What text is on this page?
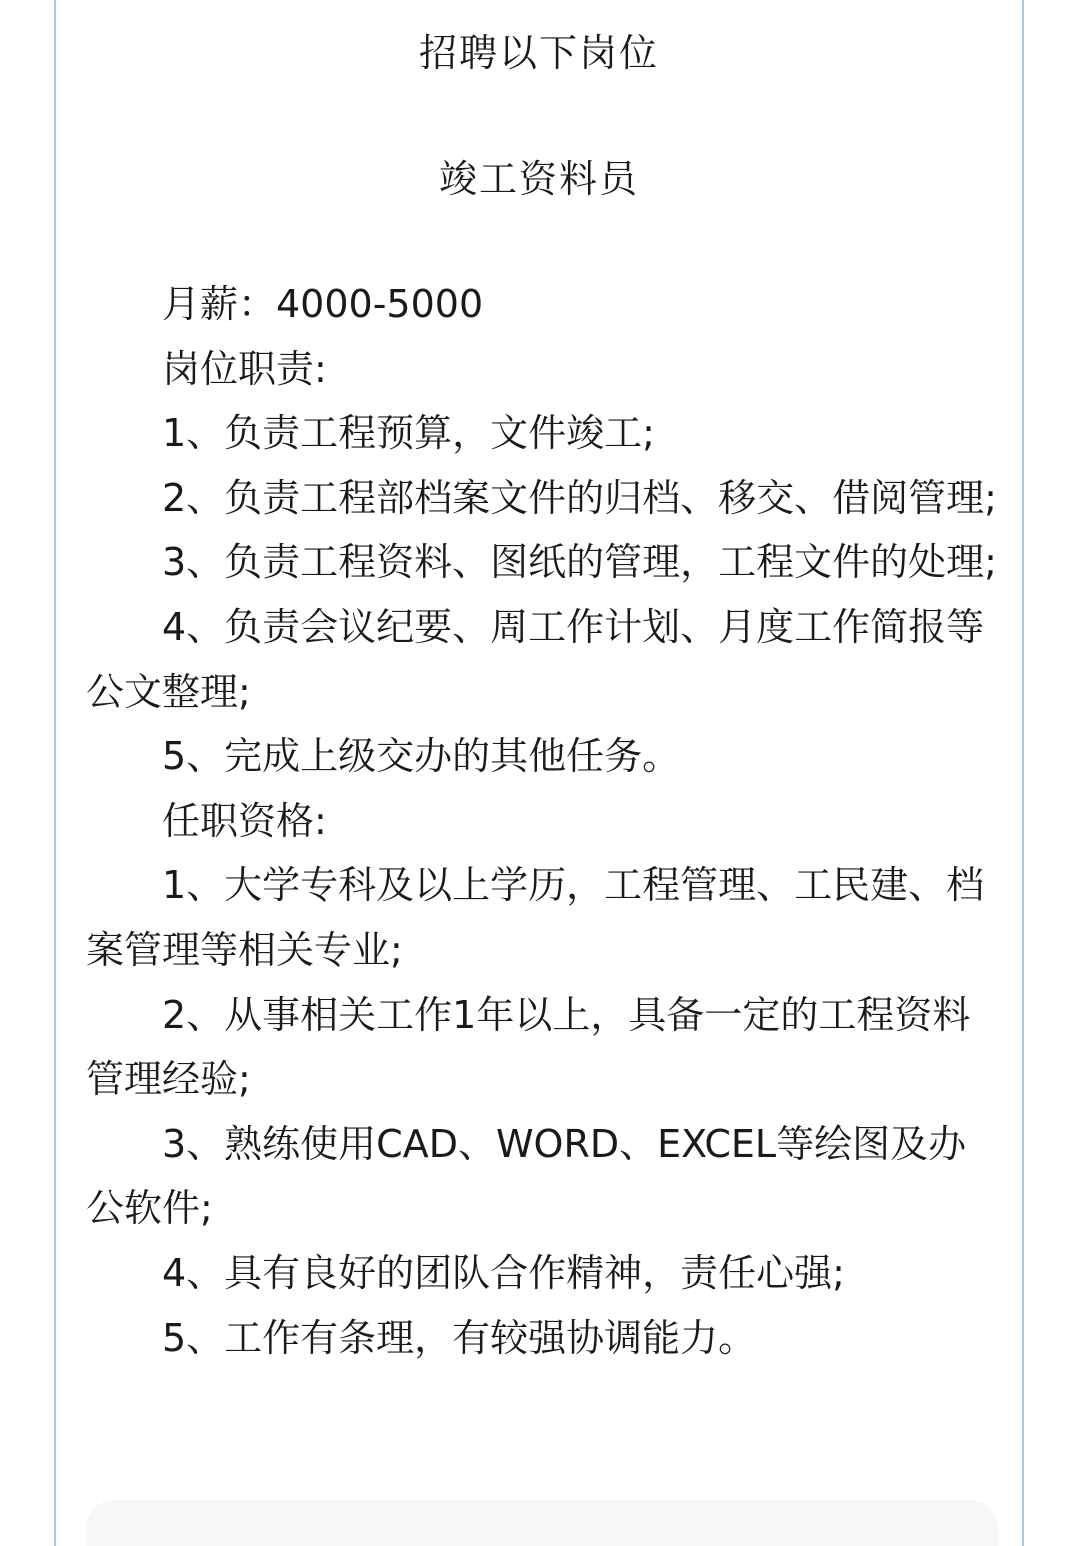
招聘以下岗位
竣工资料员

月薪：4000-5000

岗位职责:

1、负责工程预算，文件竣工;

2、负责工程部档案文件的归档、移交、借阅管理;

3、负责工程资料、图纸的管理，工程文件的处理;

4、负责会议纪要、周工作计划、月度工作简报等公文整理;

5、完成上级交办的其他任务。

任职资格:

1、大学专科及以上学历，工程管理、工民建、档案管理等相关专业;

2、从事相关工作1年以上，具备一定的工程资料管理经验;

3、熟练使用CAD、WORD、EXCEL等绘图及办公软件;

4、具有良好的团队合作精神，责任心强;

5、工作有条理，有较强协调能力。
